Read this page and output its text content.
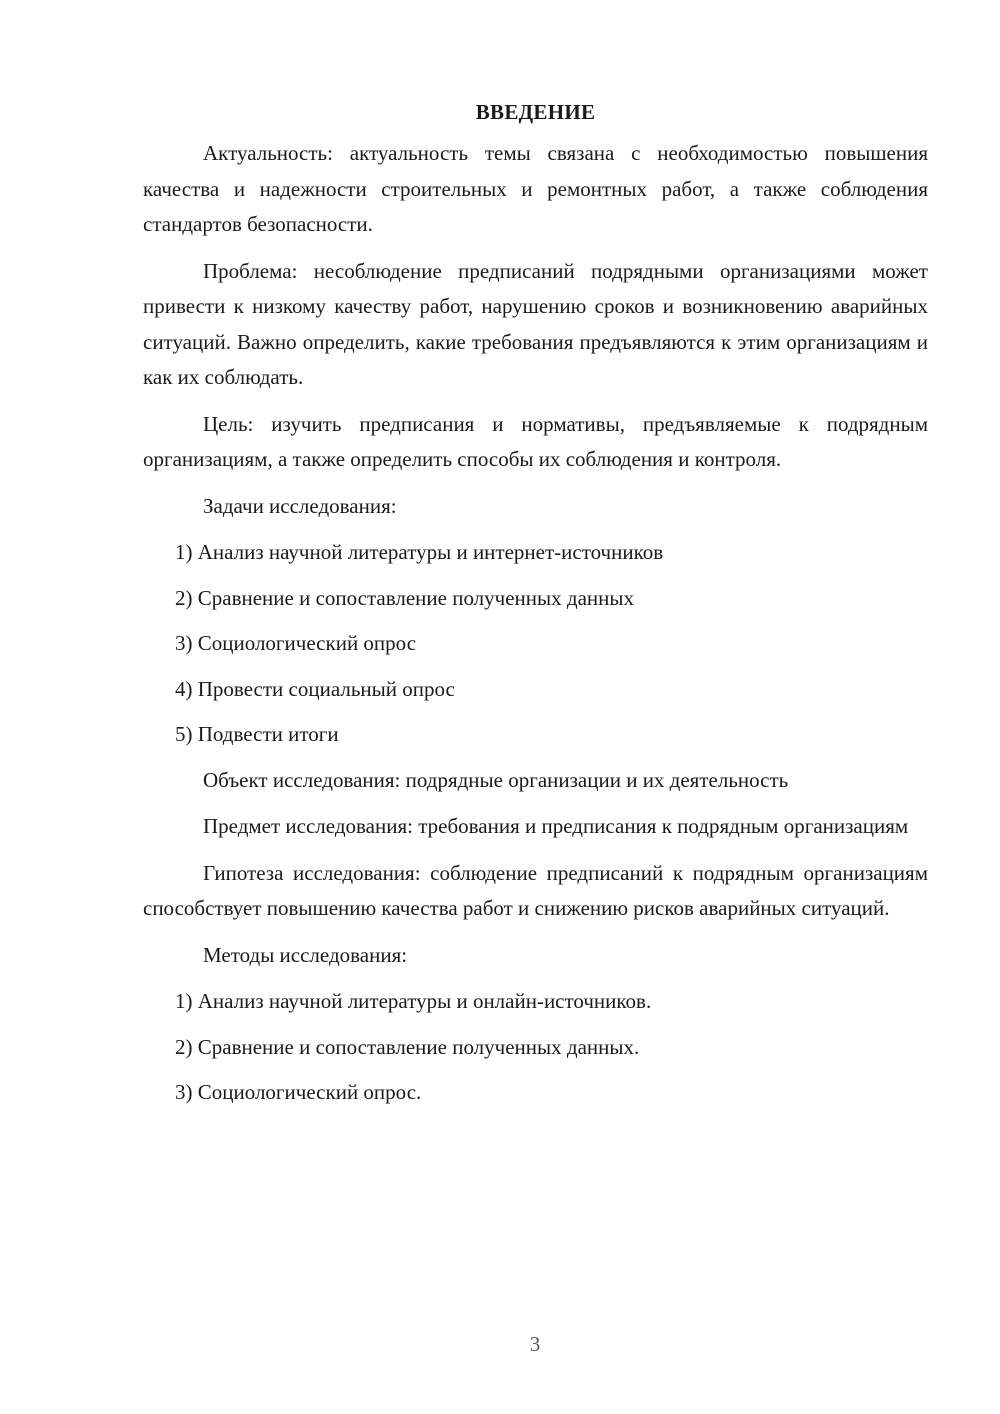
ВВЕДЕНИЕ

Актуальность: актуальность темы связана с необходимостью повышения качества и надежности строительных и ремонтных работ, а также соблюдения стандартов безопасности.

Проблема: несоблюдение предписаний подрядными организациями может привести к низкому качеству работ, нарушению сроков и возникновению аварийных ситуаций. Важно определить, какие требования предъявляются к этим организациям и как их соблюдать.

Цель: изучить предписания и нормативы, предъявляемые к подрядным организациям, а также определить способы их соблюдения и контроля.

Задачи исследования:

1) Анализ научной литературы и интернет-источников

2) Сравнение и сопоставление полученных данных

3) Социологический опрос

4) Провести социальный опрос

5) Подвести итоги

Объект исследования: подрядные организации и их деятельность

Предмет исследования: требования и предписания к подрядным организациям

Гипотеза исследования: соблюдение предписаний к подрядным организациям способствует повышению качества работ и снижению рисков аварийных ситуаций.

Методы исследования:

1) Анализ научной литературы и онлайн-источников.

2) Сравнение и сопоставление полученных данных.

3) Социологический опрос.

3
